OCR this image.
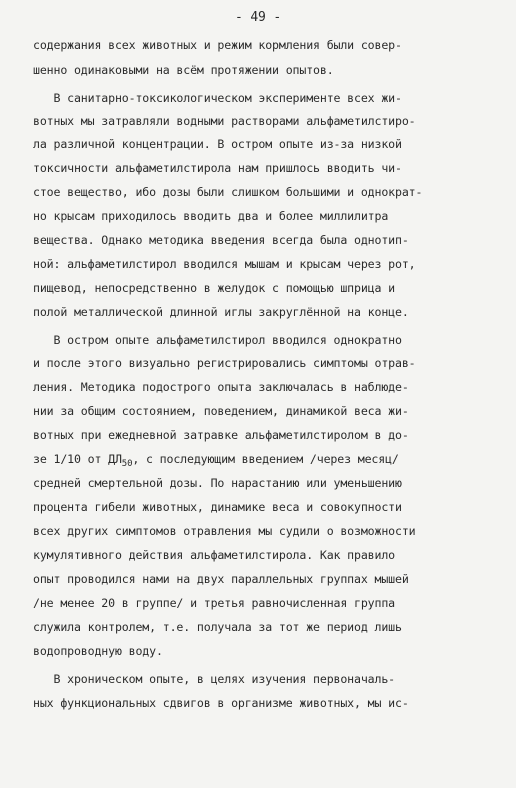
- 49 -
содержания всех животных и режим кормления были совер-
шенно одинаковыми на всём протяжении опытов.
В санитарно-токсикологическом эксперименте всех жи-
вотных мы затравляли водными растворами альфаметилстиро-
ла различной концентрации. В остром опыте из-за низкой
токсичности альфаметилстирола нам пришлось вводить чи-
стое вещество, ибо дозы были слишком большими и однократ-
но крысам приходилось вводить два и более миллилитра
вещества. Однако методика введения всегда была однотип-
ной: альфаметилстирол вводился мышам и крысам через рот,
пищевод, непосредственно в желудок с помощью шприца и
полой металлической длинной иглы закруглённой на конце.
В остром опыте альфаметилстирол вводился однократно
и после этого визуально регистрировались симптомы отрав-
ления. Методика подострого опыта заключалась в наблюде-
нии за общим состоянием, поведением, динамикой веса жи-
вотных при ежедневной затравке альфаметилстиролом в до-
зе 1/10 от $ДЛ_{50}$, с последующим введением /через месяц/
средней смертельной дозы. По нарастанию или уменьшению
процента гибели животных, динамике веса и совокупности
всех других симптомов отравления мы судили о возможности
кумулятивного действия альфаметилстирола. Как правило
опыт проводился нами на двух параллельных группах мышей
/не менее 20 в группе/ и третья равночисленная группа
служила контролем, т.е. получала за тот же период лишь
водопроводную воду.
В хроническом опыте, в целях изучения первоначаль-
ных функциональных сдвигов в организме животных, мы ис-
